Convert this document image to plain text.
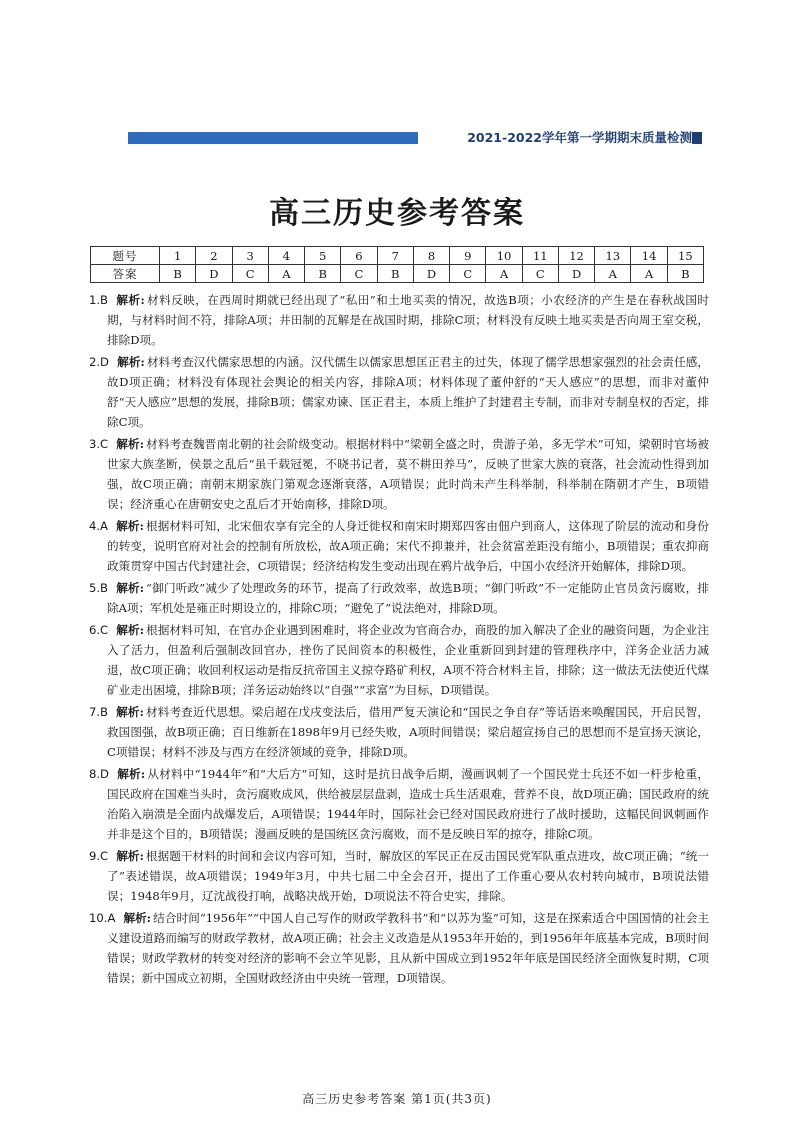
2021-2022学年第一学期期末质量检测
高三历史参考答案
题号	1	2	3	4	5	6	7	8	9	10	11	12	13	14	15
答案	B	D	C	A	B	C	B	D	C	A	C	D	A	A	B

1.B 解析: 材料反映，在西周时期就已经出现了“私田”和土地买卖的情况，故选B项；小农经济的产生是在春秋战国时期，与材料时间不符，排除A项；井田制的瓦解是在战国时期，排除C项；材料没有反映土地买卖是否向周王室交税，排除D项。

2.D 解析: 材料考查汉代儒家思想的内涵。汉代儒生以儒家思想匡正君主的过失，体现了儒学思想家强烈的社会责任感，故D项正确；材料没有体现社会舆论的相关内容，排除A项；材料体现了董仲舒的“天人感应”的思想，而非对董仲舒“天人感应”思想的发展，排除B项；儒家劝谏、匡正君主，本质上维护了封建君主专制，而非对专制皇权的否定，排除C项。

3.C 解析: 材料考查魏晋南北朝的社会阶级变动。根据材料中“梁朝全盛之时，贵游子弟，多无学术”可知，梁朝时官场被世家大族垄断，侯景之乱后“虽千载冠冕，不晓书记者，莫不耕田养马”，反映了世家大族的衰落，社会流动性得到加强，故C项正确；南朝末期家族门第观念逐渐衰落，A项错误；此时尚未产生科举制，科举制在隋朝才产生，B项错误；经济重心在唐朝安史之乱后才开始南移，排除D项。

4.A 解析: 根据材料可知，北宋佃农享有完全的人身迁徙权和南宋时期郑四客由佃户到商人，这体现了阶层的流动和身份的转变，说明官府对社会的控制有所放松，故A项正确；宋代不抑兼并，社会贫富差距没有缩小，B项错误；重农抑商政策贯穿中国古代封建社会，C项错误；经济结构发生变动出现在鸦片战争后，中国小农经济开始解体，排除D项。

5.B 解析: “御门听政”减少了处理政务的环节，提高了行政效率，故选B项；“御门听政”不一定能防止官员贪污腐败，排除A项；军机处是雍正时期设立的，排除C项；“避免了”说法绝对，排除D项。

6.C 解析: 根据材料可知，在官办企业遇到困难时，将企业改为官商合办，商股的加入解决了企业的融资问题，为企业注入了活力，但盈利后强制改回官办，挫伤了民间资本的积极性，企业重新回到封建的管理秩序中，洋务企业活力减退，故C项正确；收回利权运动是指反抗帝国主义掠夺路矿利权，A项不符合材料主旨，排除；这一做法无法使近代煤矿业走出困境，排除B项；洋务运动始终以“自强”“求富”为目标，D项错误。

7.B 解析: 材料考查近代思想。梁启超在戊戌变法后，借用严复天演论和“国民之争自存”等话语来唤醒国民，开启民智，救国图强，故B项正确；百日维新在1898年9月已经失败，A项时间错误；梁启超宣扬自己的思想而不是宣扬天演论，C项错误；材料不涉及与西方在经济领域的竞争，排除D项。

8.D 解析: 从材料中“1944年”和“大后方”可知，这时是抗日战争后期，漫画讽刺了一个国民党士兵还不如一杆步枪重，国民政府在国难当头时，贪污腐败成风，供给被层层盘剥，造成士兵生活艰难，营养不良，故D项正确；国民政府的统治陷入崩溃是全面内战爆发后，A项错误；1944年时，国际社会已经对国民政府进行了战时援助，这幅民间讽刺画作并非是这个目的，B项错误；漫画反映的是国统区贪污腐败，而不是反映日军的掠夺，排除C项。

9.C 解析: 根据题干材料的时间和会议内容可知，当时，解放区的军民正在反击国民党军队重点进攻，故C项正确；“统一了”表述错误，故A项错误；1949年3月，中共七届二中全会召开，提出了工作重心要从农村转向城市，B项说法错误；1948年9月，辽沈战役打响，战略决战开始，D项说法不符合史实，排除。

10.A 解析: 结合时间“1956年”“中国人自己写作的财政学教科书”和“以苏为鉴”可知，这是在探索适合中国国情的社会主义建设道路而编写的财政学教材，故A项正确；社会主义改造是从1953年开始的，到1956年年底基本完成，B项时间错误；财政学教材的转变对经济的影响不会立竿见影，且从新中国成立到1952年年底是国民经济全面恢复时期，C项错误；新中国成立初期，全国财政经济由中央统一管理，D项错误。

高三历史参考答案 第1页(共3页)
